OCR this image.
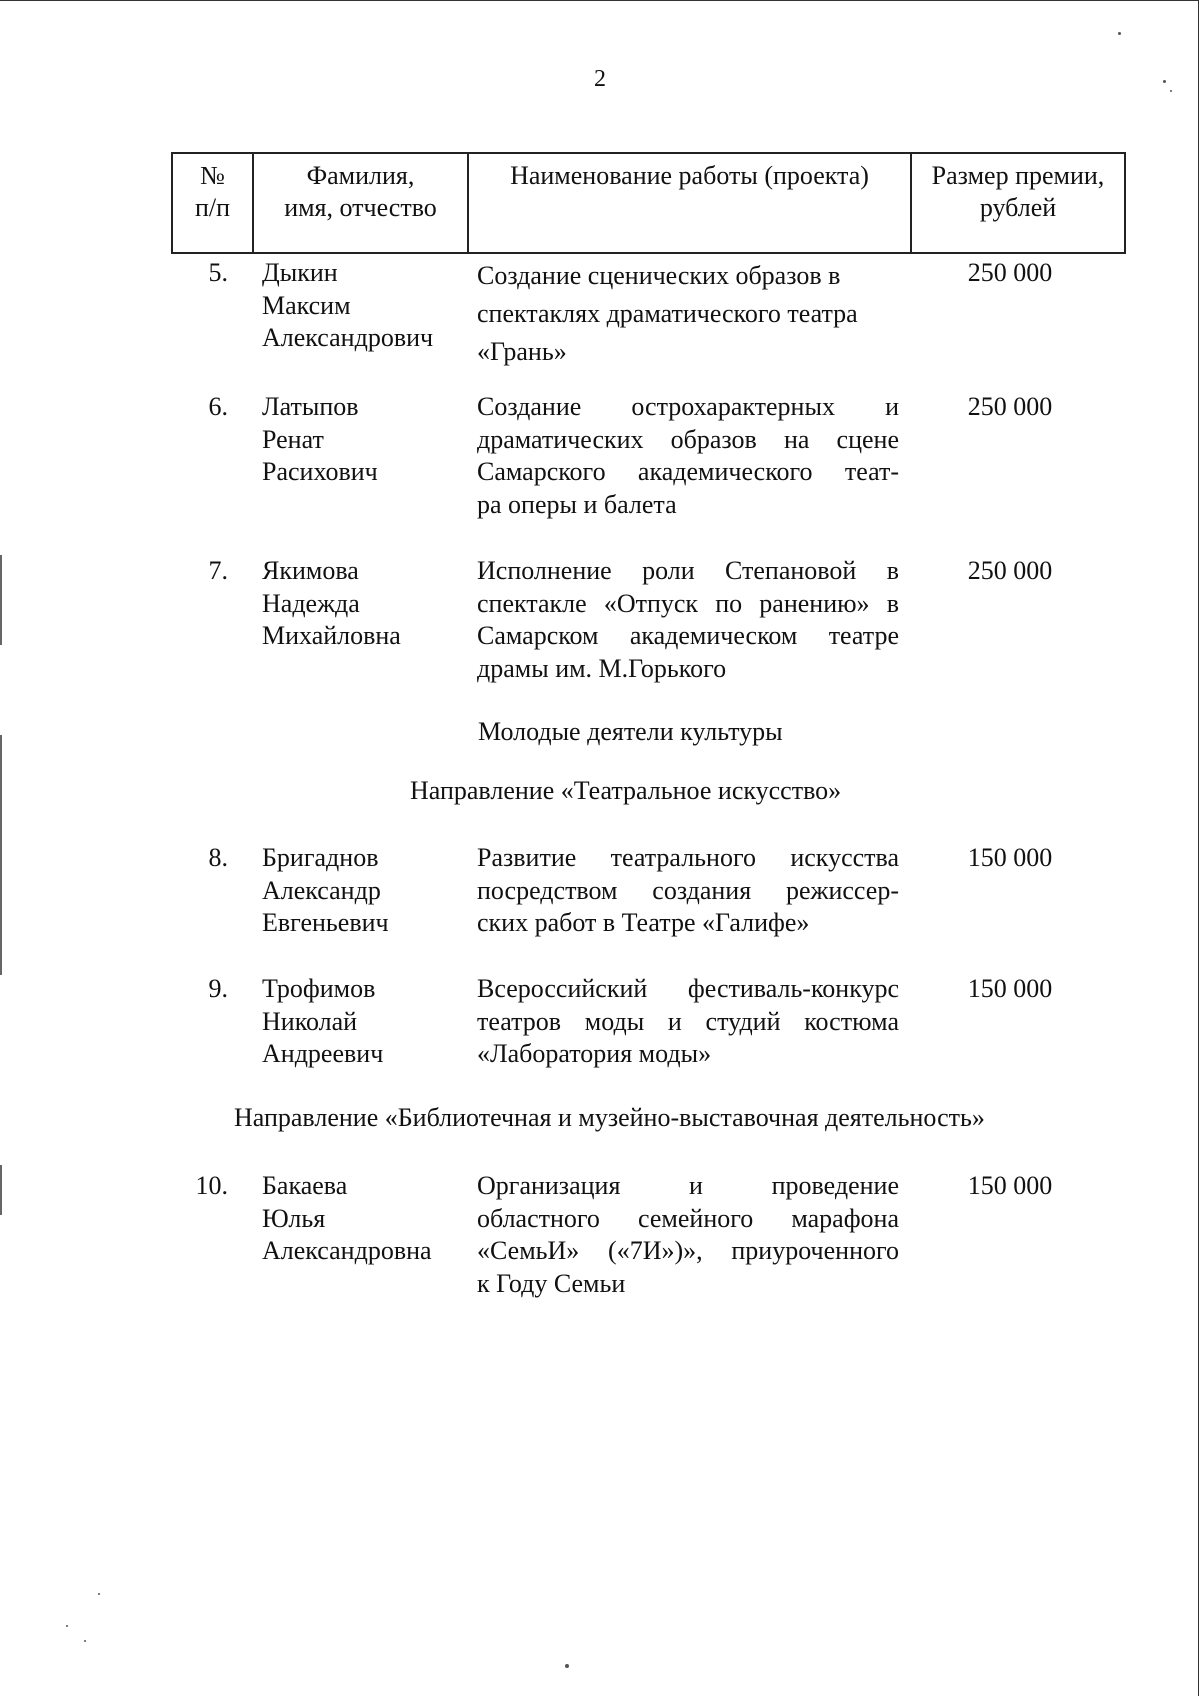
2
№
п/п
Фамилия,
имя, отчество
Наименование работы (проекта)	Размер премии,
рублей
5. Дыкин
Максим
Александрович
Создание сценических образов в
спектаклях драматического театра
«Грань»
250 000
6. Латыпов
Ренат
Расихович
Создание острохарактерных и
драматических образов на сцене
Самарского академического теат-
ра оперы и балета
250 000
7. Якимова
Надежда
Михайловна
Исполнение роли Степановой в
спектакле «Отпуск по ранению» в
Самарском академическом театре
драмы им. М.Горького
250 000
Молодые деятели культуры
Направление «Театральное искусство»
8. Бригаднов
Александр
Евгеньевич
Развитие театрального искусства
посредством создания режиссер-
ских работ в Театре «Галифе»
150 000
9. Трофимов
Николай
Андреевич
Всероссийский фестиваль-конкурс
театров моды и студий костюма
«Лаборатория моды»
150 000
Направление «Библиотечная и музейно-выставочная деятельность»
10. Бакаева
Юлья
Александровна
Организация и проведение
областного семейного марафона
«СемьИ» («7И»)», приуроченного
к Году Семьи
150 000
